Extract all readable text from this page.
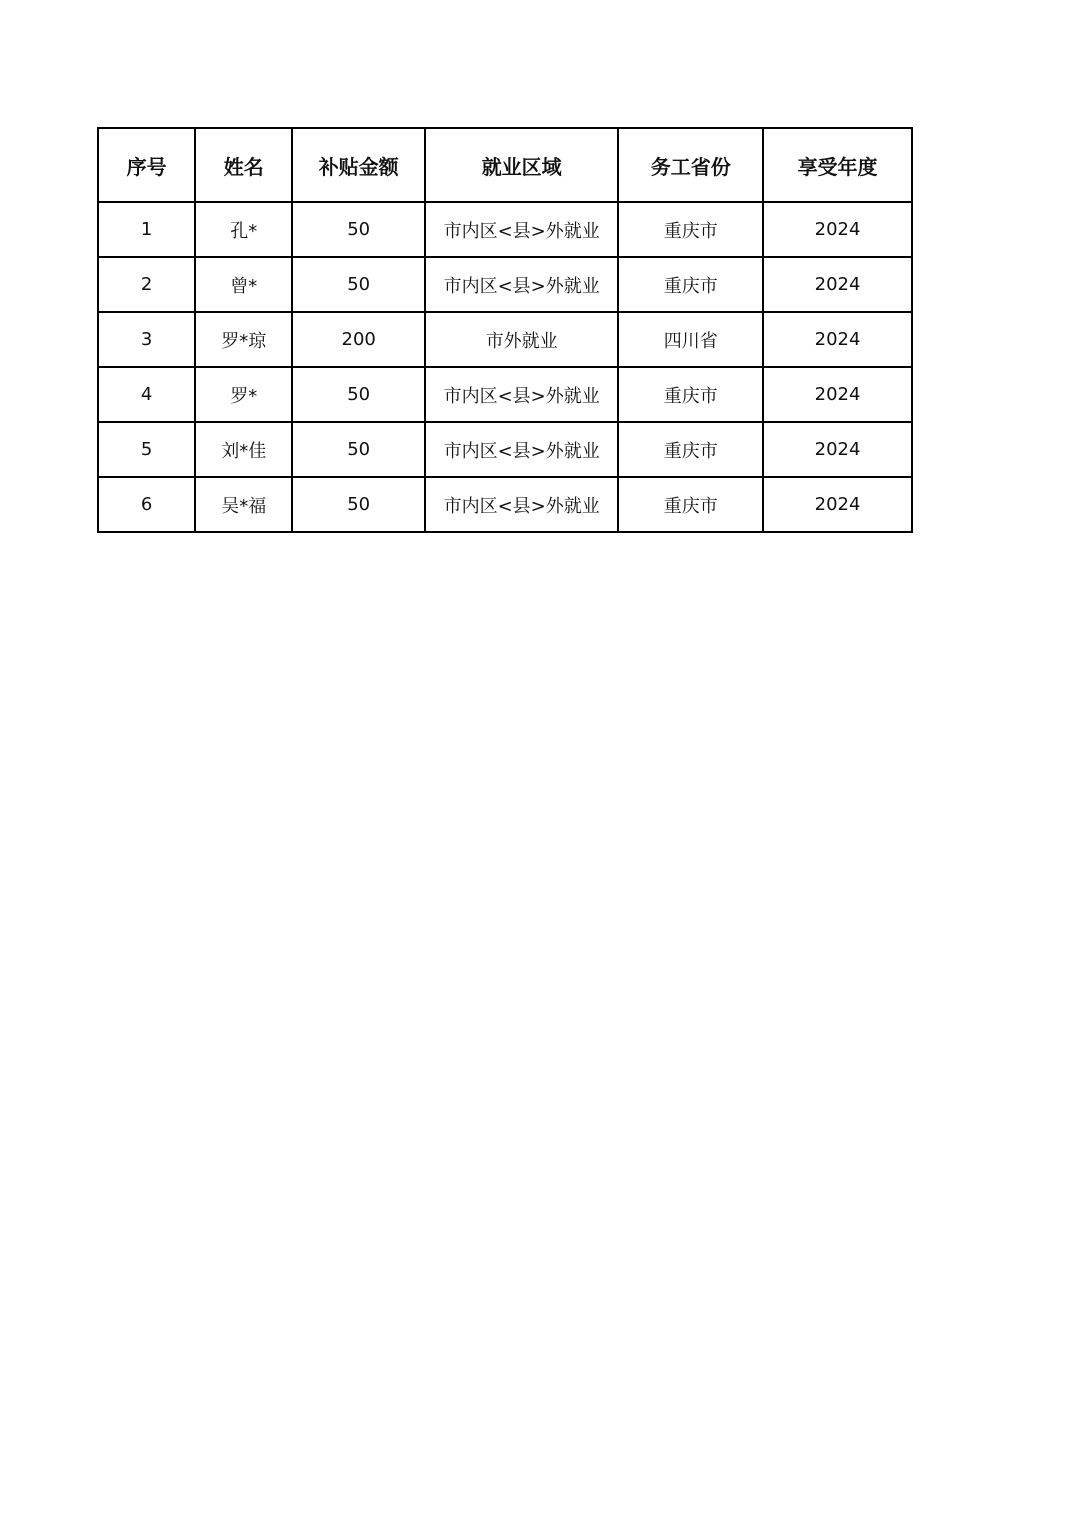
序号	姓名	补贴金额	就业区域	务工省份	享受年度
1	孔*	50	市内区<县>外就业	重庆市	2024
2	曾*	50	市内区<县>外就业	重庆市	2024
3	罗*琼	200	市外就业	四川省	2024
4	罗*	50	市内区<县>外就业	重庆市	2024
5	刘*佳	50	市内区<县>外就业	重庆市	2024
6	吴*福	50	市内区<县>外就业	重庆市	2024
